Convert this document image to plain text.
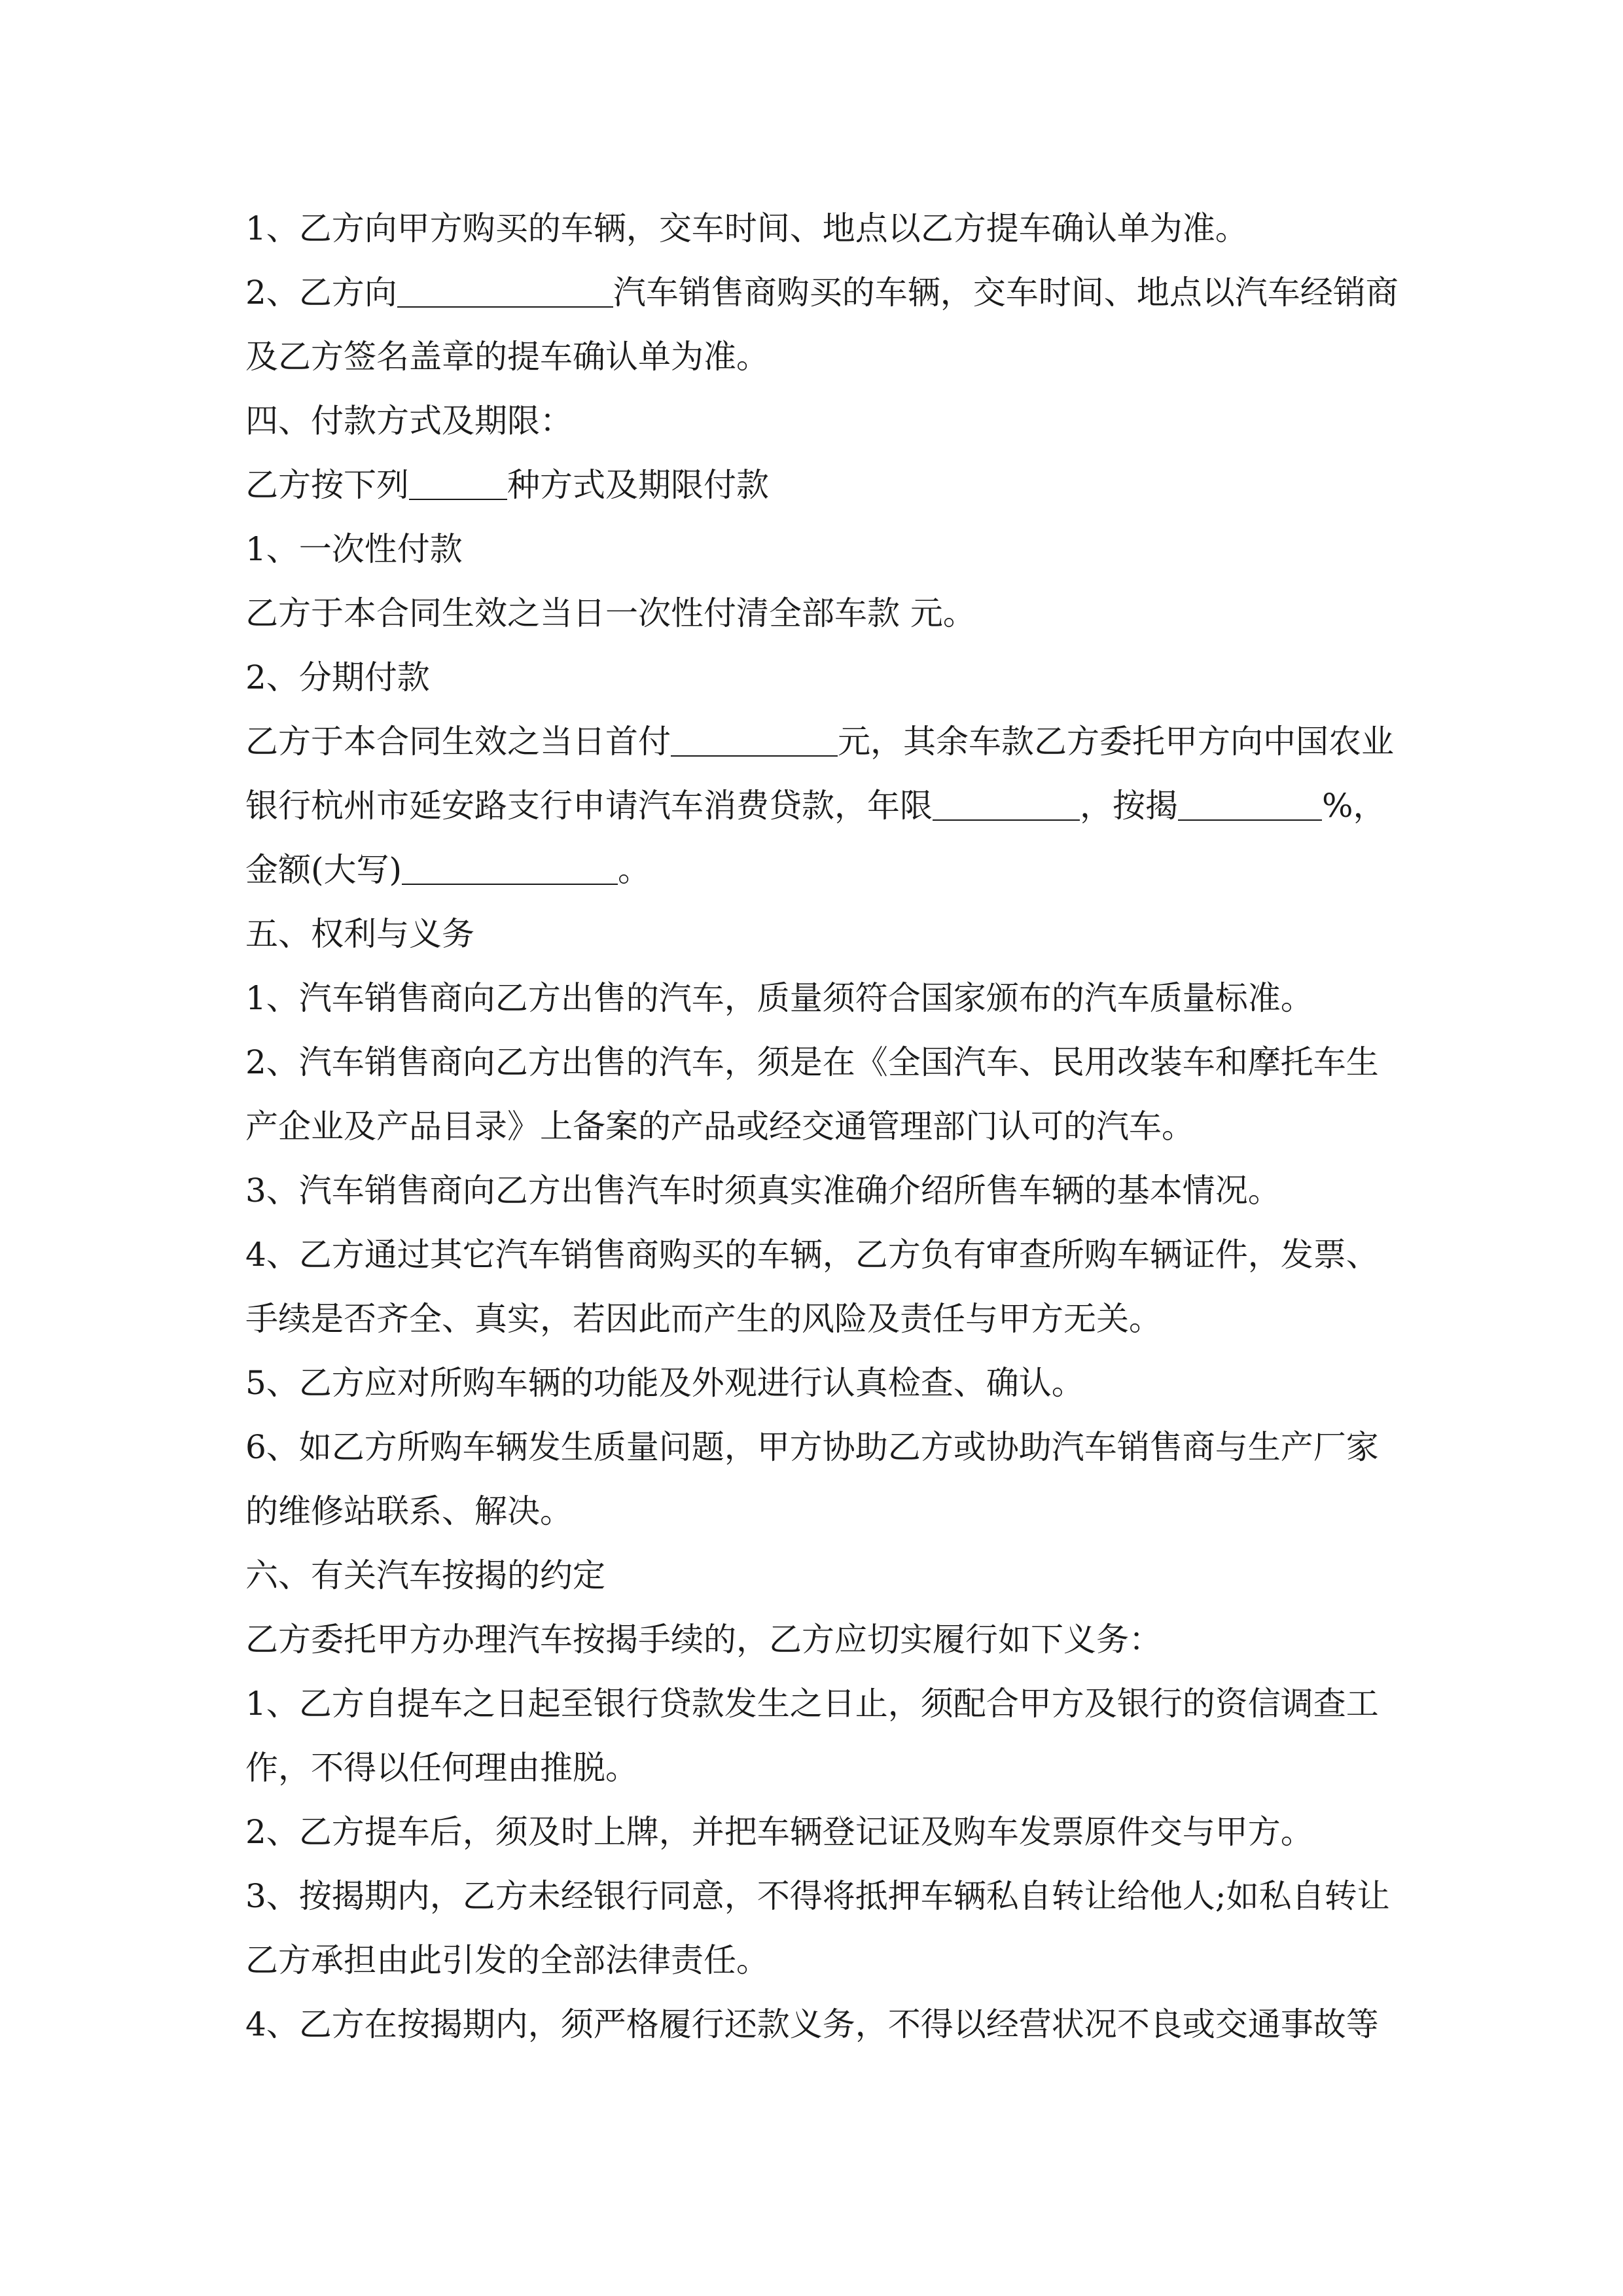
1、乙方向甲方购买的车辆，交车时间、地点以乙方提车确认单为准。
2、乙方向	汽车销售商购买的车辆，交车时间、地点以汽车经销商
及乙方签名盖章的提车确认单为准。
四、付款方式及期限：
乙方按下列	种方式及期限付款
1、一次性付款
乙方于本合同生效之当日一次性付清全部车款 元。
2、分期付款
乙方于本合同生效之当日首付	元，其余车款乙方委托甲方向中国农业
银行杭州市延安路支行申请汽车消费贷款，年限	，按揭	%，
金额(大写)	。
五、权利与义务
1、汽车销售商向乙方出售的汽车，质量须符合国家颁布的汽车质量标准。
2、汽车销售商向乙方出售的汽车，须是在《全国汽车、民用改装车和摩托车生
产企业及产品目录》上备案的产品或经交通管理部门认可的汽车。
3、汽车销售商向乙方出售汽车时须真实准确介绍所售车辆的基本情况。
4、乙方通过其它汽车销售商购买的车辆，乙方负有审查所购车辆证件，发票、
手续是否齐全、真实，若因此而产生的风险及责任与甲方无关。
5、乙方应对所购车辆的功能及外观进行认真检查、确认。
6、如乙方所购车辆发生质量问题，甲方协助乙方或协助汽车销售商与生产厂家
的维修站联系、解决。
六、有关汽车按揭的约定
乙方委托甲方办理汽车按揭手续的，乙方应切实履行如下义务：
1、乙方自提车之日起至银行贷款发生之日止，须配合甲方及银行的资信调查工
作，不得以任何理由推脱。
2、乙方提车后，须及时上牌，并把车辆登记证及购车发票原件交与甲方。
3、按揭期内，乙方未经银行同意，不得将抵押车辆私自转让给他人;如私自转让
乙方承担由此引发的全部法律责任。
4、乙方在按揭期内，须严格履行还款义务，不得以经营状况不良或交通事故等
